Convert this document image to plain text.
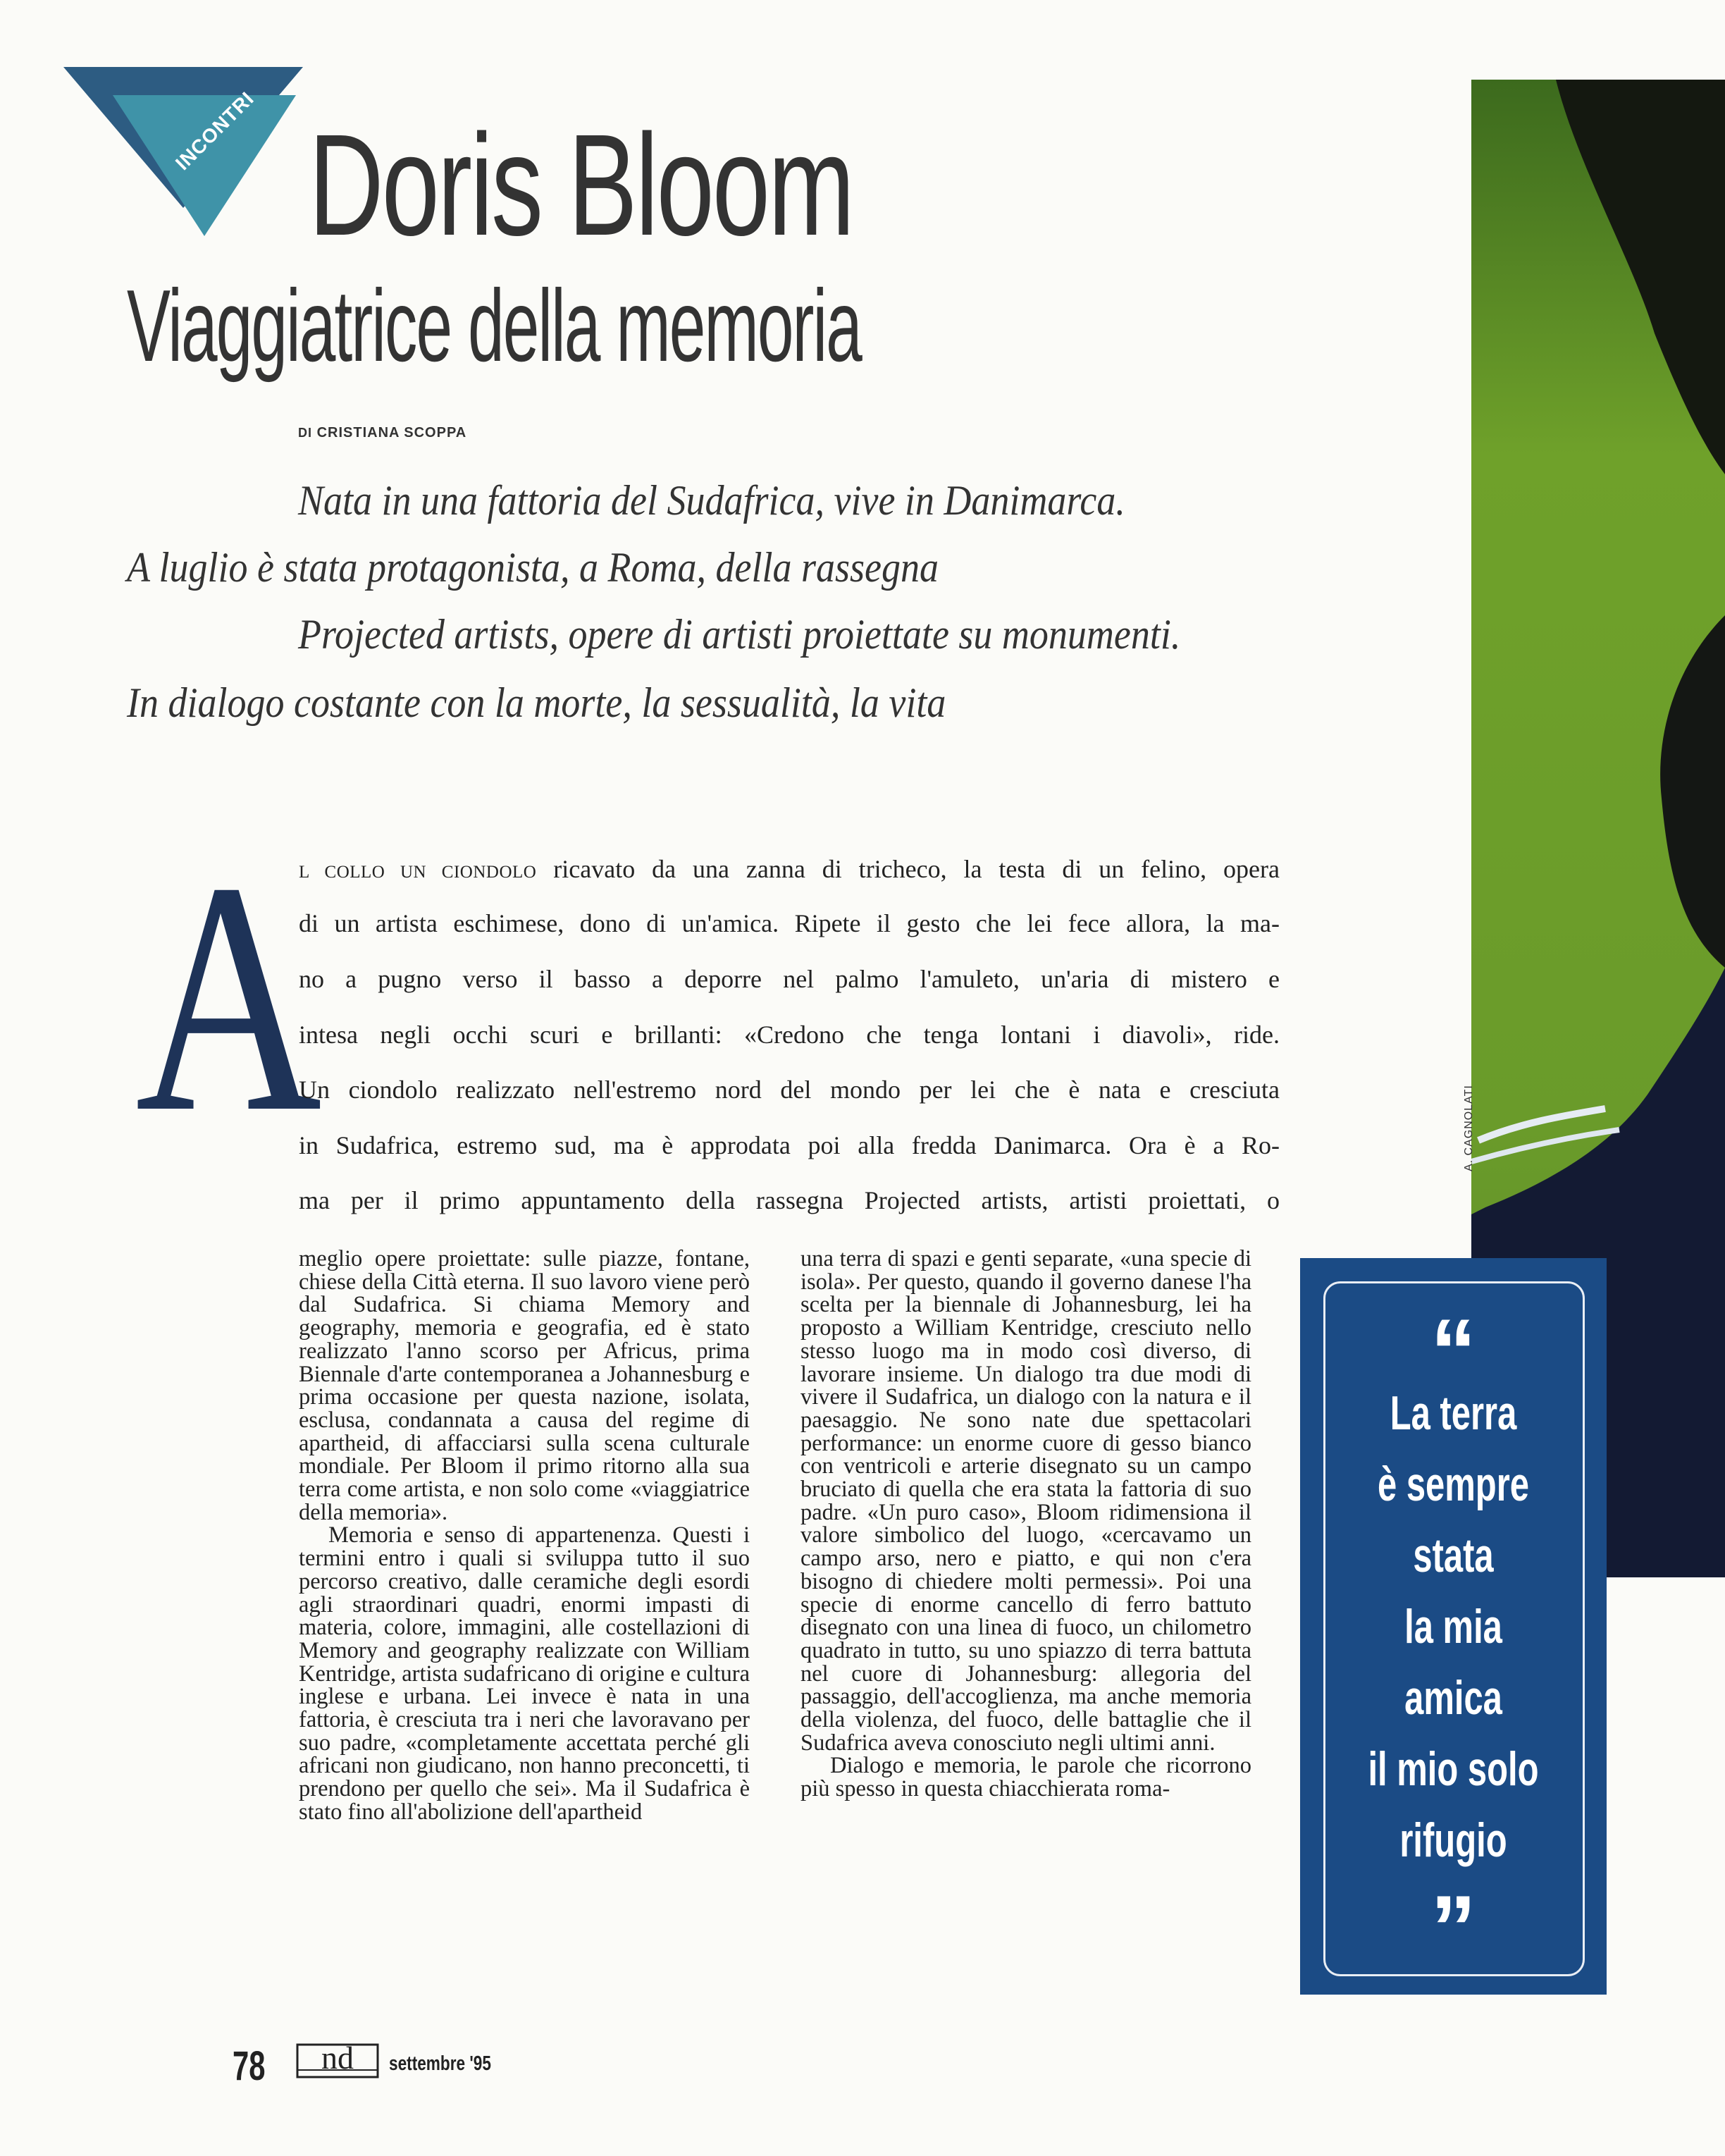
INCONTRI Doris Bloom
Viaggiatrice della memoria
DI CRISTIANA SCOPPA
Nata in una fattoria del Sudafrica, vive in Danimarca.
A luglio è stata protagonista, a Roma, della rassegna
Projected artists, opere di artisti proiettate su monumenti.
In dialogo costante con la morte, la sessualità, la vita
A
L COLLO UN CIONDOLO ricavato da una zanna di tricheco, la testa di un felino, opera
di un artista eschimese, dono di un'amica. Ripete il gesto che lei fece allora, la ma-
no a pugno verso il basso a deporre nel palmo l'amuleto, un'aria di mistero e
intesa negli occhi scuri e brillanti: «Credono che tenga lontani i diavoli», ride.
Un ciondolo realizzato nell'estremo nord del mondo per lei che è nata e cresciuta
in Sudafrica, estremo sud, ma è approdata poi alla fredda Danimarca. Ora è a Ro-
ma per il primo appuntamento della rassegna Projected artists, artisti proiettati, o

meglio opere proiettate: sulle piazze, fontane, chiese della Città eterna. Il suo lavoro viene però dal Sudafrica. Si chiama Memory and geography, memoria e geografia, ed è stato realizzato l'anno scorso per Africus, prima Biennale d'arte contemporanea a Johannesburg e prima occasione per questa nazione, isolata, esclusa, condannata a causa del regime di apartheid, di affacciarsi sulla scena culturale mondiale. Per Bloom il primo ritorno alla sua terra come artista, e non solo come «viaggiatrice della memoria».

Memoria e senso di appartenenza. Questi i termini entro i quali si sviluppa tutto il suo percorso creativo, dalle ceramiche degli esordi agli straordinari quadri, enormi impasti di materia, colore, immagini, alle costellazioni di Memory and geography realizzate con William Kentridge, artista sudafricano di origine e cultura inglese e urbana. Lei invece è nata in una fattoria, è cresciuta tra i neri che lavoravano per suo padre, «completamente accettata perché gli africani non giudicano, non hanno preconcetti, ti prendono per quello che sei». Ma il Sudafrica è stato fino all'abolizione dell'apartheid

una terra di spazi e genti separate, «una specie di isola». Per questo, quando il governo danese l'ha scelta per la biennale di Johannesburg, lei ha proposto a William Kentridge, cresciuto nello stesso luogo ma in modo così diverso, di lavorare insieme. Un dialogo tra due modi di vivere il Sudafrica, un dialogo con la natura e il paesaggio. Ne sono nate due spettacolari performance: un enorme cuore di gesso bianco con ventricoli e arterie disegnato su un campo bruciato di quella che era stata la fattoria di suo padre. «Un puro caso», Bloom ridimensiona il valore simbolico del luogo, «cercavamo un campo arso, nero e piatto, e qui non c'era bisogno di chiedere molti permessi». Poi una specie di enorme cancello di ferro battuto disegnato con una linea di fuoco, un chilometro quadrato in tutto, su uno spiazzo di terra battuta nel cuore di Johannesburg: allegoria del passaggio, dell'accoglienza, ma anche memoria della violenza, del fuoco, delle battaglie che il Sudafrica aveva conosciuto negli ultimi anni.

Dialogo e memoria, le parole che ricorrono più spesso in questa chiacchierata roma-

A. CAGNOLATI
“
La terra
è sempre
stata
la mia
amica
il mio solo
rifugio
”
78 nd settembre '95
